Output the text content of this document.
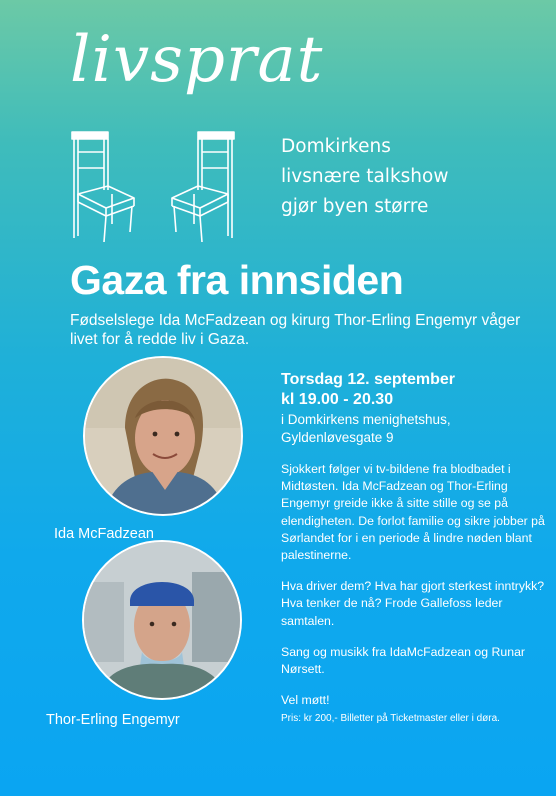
livsprat
Domkirkens
livsnære talkshow
gjør byen større
Gaza fra innsiden
Fødselslege Ida McFadzean og kirurg Thor-Erling Engemyr våger livet for å redde liv i Gaza.
Ida McFadzean
Thor-Erling Engemyr
Torsdag 12. september
kl 19.00 - 20.30
i Domkirkens menighetshus,
Gyldenløvesgate 9
Sjokkert følger vi tv-bildene fra blodbadet i Midtøsten. Ida McFadzean og Thor-Erling Engemyr greide ikke å sitte stille og se på elendigheten. De forlot familie og sikre jobber på Sørlandet for i en periode å lindre nøden blant palestinerne.
Hva driver dem? Hva har gjort sterkest inntrykk? Hva tenker de nå? Frode Gallefoss leder samtalen.
Sang og musikk fra IdaMcFadzean og Runar Nørsett.
Vel møtt!
Pris: kr 200,- Billetter på Ticketmaster eller i døra.
